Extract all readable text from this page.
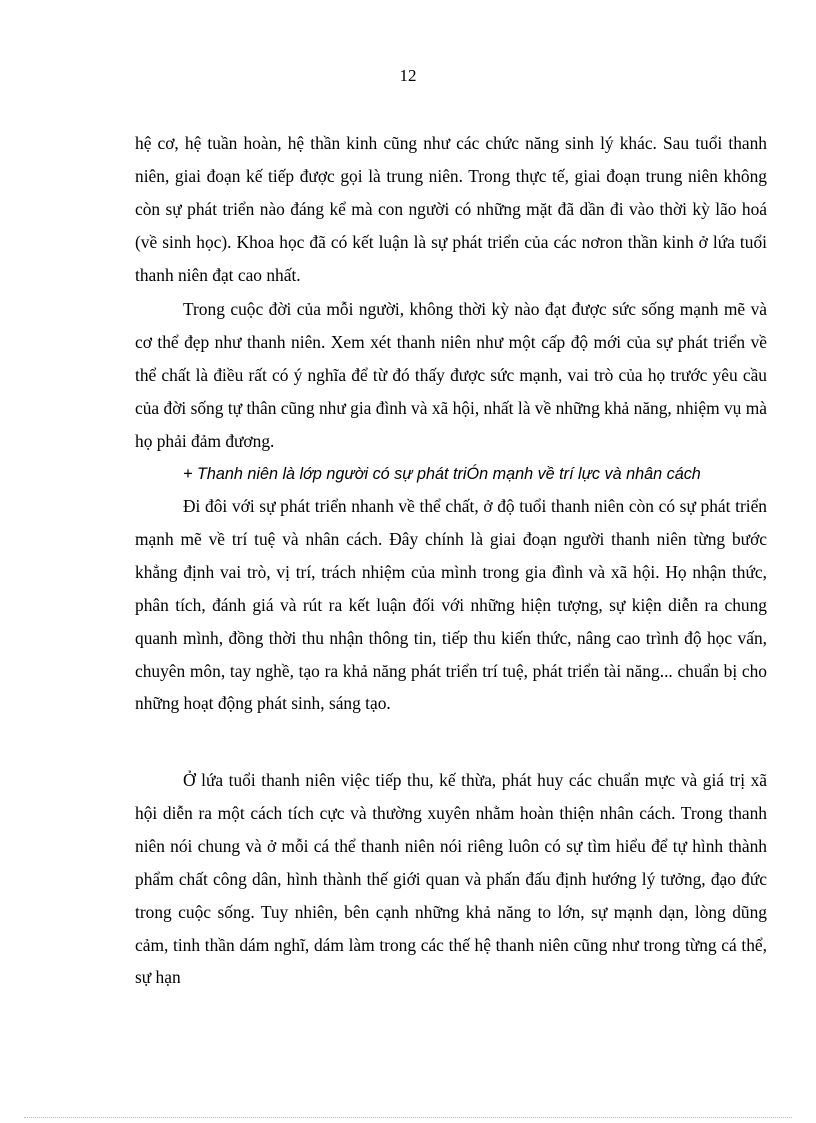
12

hệ cơ, hệ tuần hoàn, hệ thần kinh cũng như các chức năng sinh lý khác. Sau tuổi thanh niên, giai đoạn kế tiếp được gọi là trung niên. Trong thực tế, giai đoạn trung niên không còn sự phát triển nào đáng kể mà con người có những mặt đã dần đi vào thời kỳ lão hoá (về sinh học). Khoa học đã có kết luận là sự phát triển của các nơron thần kinh ở lứa tuổi thanh niên đạt cao nhất.

Trong cuộc đời của mỗi người, không thời kỳ nào đạt được sức sống mạnh mẽ và cơ thể đẹp như thanh niên. Xem xét thanh niên như một cấp độ mới của sự phát triển về thể chất là điều rất có ý nghĩa để từ đó thấy được sức mạnh, vai trò của họ trước yêu cầu của đời sống tự thân cũng như gia đình và xã hội, nhất là về những khả năng, nhiệm vụ mà họ phải đảm đương.

+ Thanh niên là lớp người có sự phát triÓn mạnh về trí lực và nhân cách

Đi đôi với sự phát triển nhanh về thể chất, ở độ tuổi thanh niên còn có sự phát triển mạnh mẽ về trí tuệ và nhân cách. Đây chính là giai đoạn người thanh niên từng bước khẳng định vai trò, vị trí, trách nhiệm của mình trong gia đình và xã hội. Họ nhận thức, phân tích, đánh giá và rút ra kết luận đối với những hiện tượng, sự kiện diễn ra chung quanh mình, đồng thời thu nhận thông tin, tiếp thu kiến thức, nâng cao trình độ học vấn, chuyên môn, tay nghề, tạo ra khả năng phát triển trí tuệ, phát triển tài năng... chuẩn bị cho những hoạt động phát sinh, sáng tạo.

Ở lứa tuổi thanh niên việc tiếp thu, kế thừa, phát huy các chuẩn mực và giá trị xã hội diễn ra một cách tích cực và thường xuyên nhằm hoàn thiện nhân cách. Trong thanh niên nói chung và ở mỗi cá thể thanh niên nói riêng luôn có sự tìm hiểu để tự hình thành phẩm chất công dân, hình thành thế giới quan và phấn đấu định hướng lý tưởng, đạo đức trong cuộc sống. Tuy nhiên, bên cạnh những khả năng to lớn, sự mạnh dạn, lòng dũng cảm, tinh thần dám nghĩ, dám làm trong các thế hệ thanh niên cũng như trong từng cá thể, sự hạn
